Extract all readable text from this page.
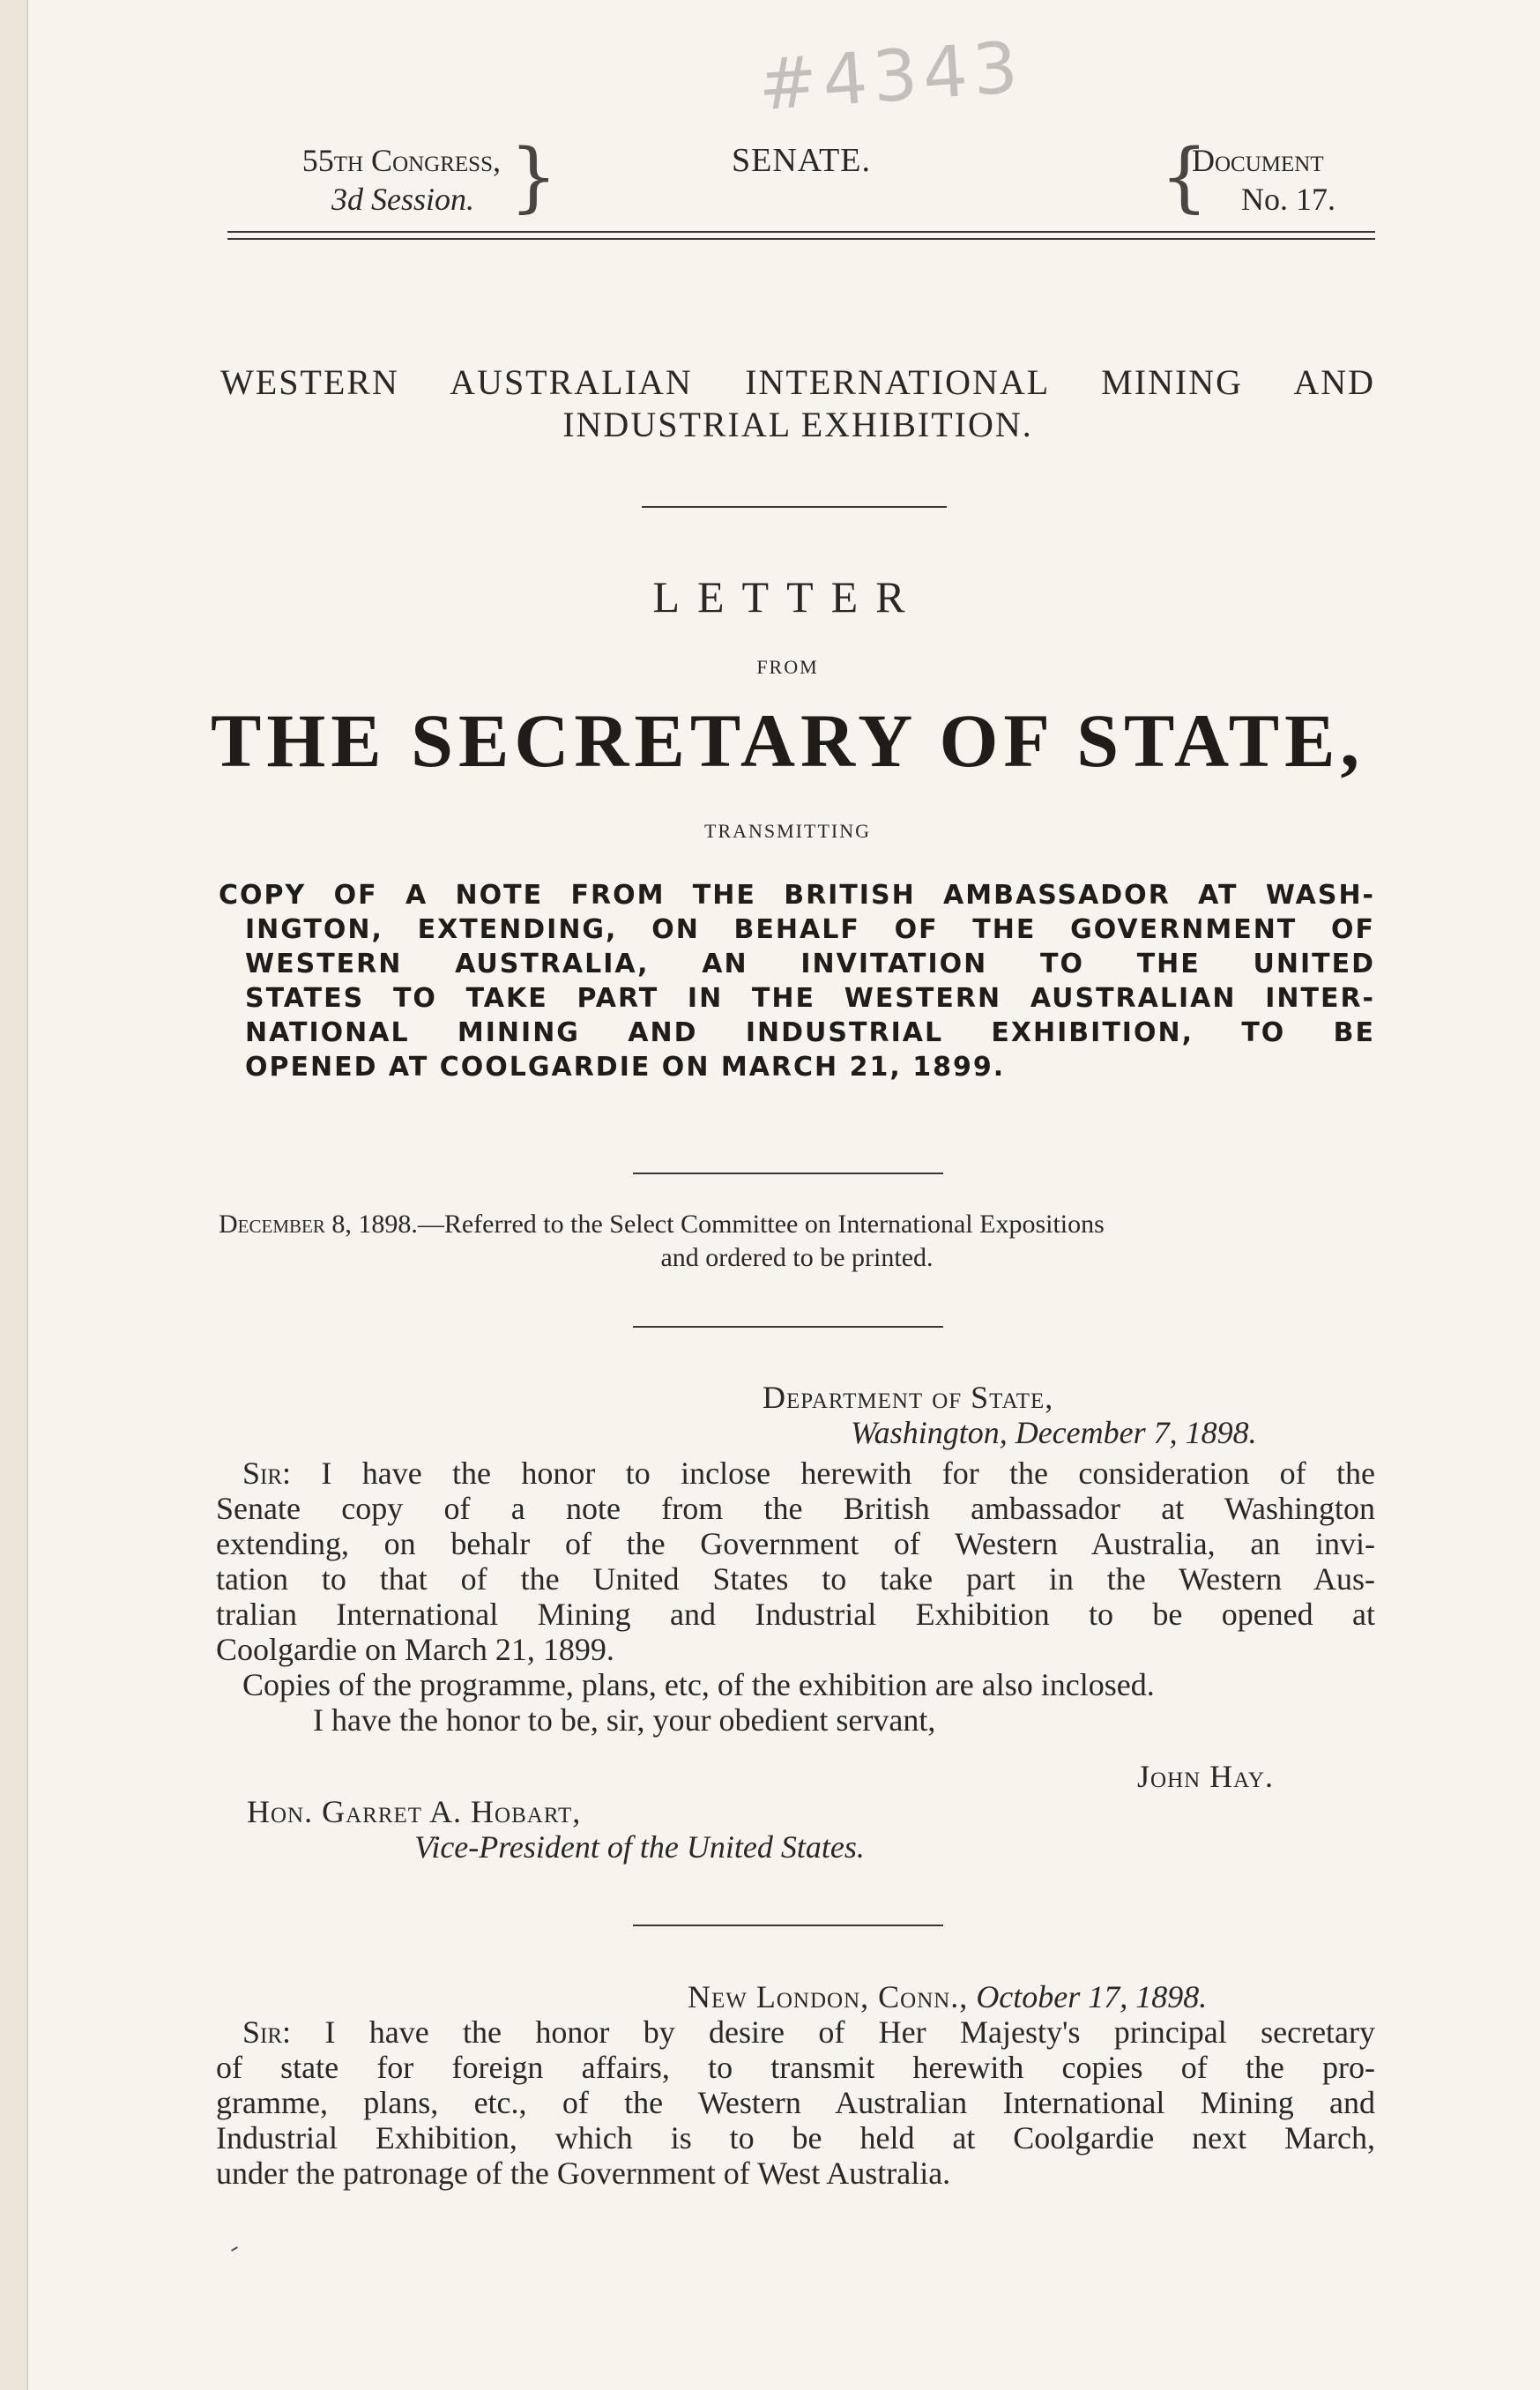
#4343
55th Congress,
3d Session. }	SENATE.	{
Document
No. 17.
WESTERN AUSTRALIAN INTERNATIONAL MINING AND
INDUSTRIAL EXHIBITION.
LETTER
FROM
THE SECRETARY OF STATE,
TRANSMITTING
COPY OF A NOTE FROM THE BRITISH AMBASSADOR AT WASH-
INGTON, EXTENDING, ON BEHALF OF THE GOVERNMENT OF
WESTERN AUSTRALIA, AN INVITATION TO THE UNITED
STATES TO TAKE PART IN THE WESTERN AUSTRALIAN INTER-
NATIONAL MINING AND INDUSTRIAL EXHIBITION, TO BE
OPENED AT COOLGARDIE ON MARCH 21, 1899.
December 8, 1898.—Referred to the Select Committee on International Expositions
and ordered to be printed.
Department of State,
Washington, December 7, 1898.
Sir: I have the honor to inclose herewith for the consideration of the
Senate copy of a note from the British ambassador at Washington
extending, on behalr of the Government of Western Australia, an invi-
tation to that of the United States to take part in the Western Aus-
tralian International Mining and Industrial Exhibition to be opened at
Coolgardie on March 21, 1899.
Copies of the programme, plans, etc, of the exhibition are also inclosed.
I have the honor to be, sir, your obedient servant,
John Hay.
Hon. Garret A. Hobart,
Vice-President of the United States.
New London, Conn., October 17, 1898.
Sir: I have the honor by desire of Her Majesty's principal secretary
of state for foreign affairs, to transmit herewith copies of the pro-
gramme, plans, etc., of the Western Australian International Mining and
Industrial Exhibition, which is to be held at Coolgardie next March,
under the patronage of the Government of West Australia.
